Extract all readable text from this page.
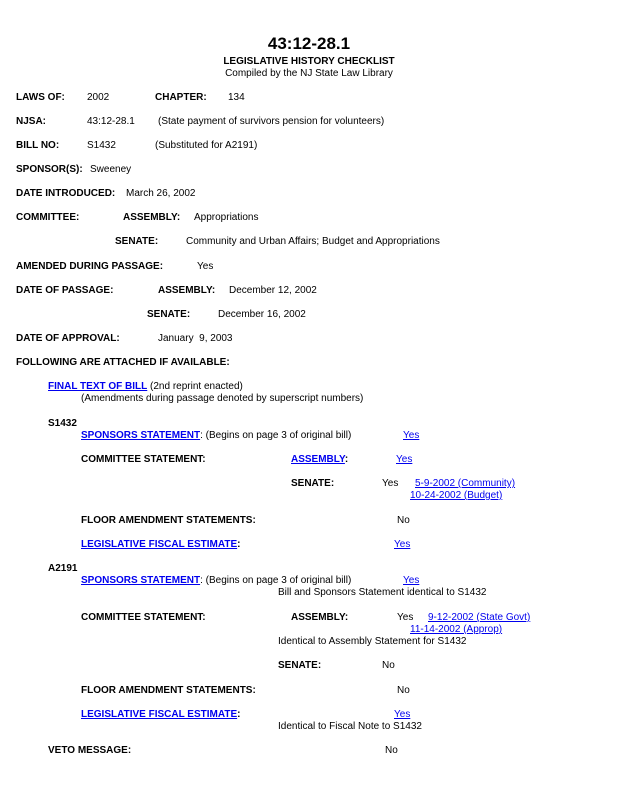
43:12-28.1
LEGISLATIVE HISTORY CHECKLIST
Compiled by the NJ State Law Library
LAWS OF: 2002	CHAPTER: 134
NJSA:	43:12-28.1 (State payment of survivors pension for volunteers)
BILL NO:	S1432	(Substituted for A2191)
SPONSOR(S): Sweeney
DATE INTRODUCED: March 26, 2002
COMMITTEE:	ASSEMBLY: Appropriations
SENATE:	Community and Urban Affairs; Budget and Appropriations
AMENDED DURING PASSAGE:	Yes
DATE OF PASSAGE:	ASSEMBLY: December 12, 2002
SENATE:	December 16, 2002
DATE OF APPROVAL:	January  9, 2003
FOLLOWING ARE ATTACHED IF AVAILABLE:
FINAL TEXT OF BILL (2nd reprint enacted)
(Amendments during passage denoted by superscript numbers)
S1432
SPONSORS STATEMENT: (Begins on page 3 of original bill)	Yes
COMMITTEE STATEMENT:	ASSEMBLY:	Yes
SENATE:	Yes 5-9-2002 (Community)
10-24-2002 (Budget)
FLOOR AMENDMENT STATEMENTS:	No
LEGISLATIVE FISCAL ESTIMATE:	Yes
A2191
SPONSORS STATEMENT: (Begins on page 3 of original bill)	Yes
Bill and Sponsors Statement identical to S1432
COMMITTEE STATEMENT:	ASSEMBLY:	Yes 9-12-2002 (State Govt)
11-14-2002 (Approp)
Identical to Assembly Statement for S1432
SENATE:	No
FLOOR AMENDMENT STATEMENTS:	No
LEGISLATIVE FISCAL ESTIMATE:	Yes
Identical to Fiscal Note to S1432
VETO MESSAGE:	No
